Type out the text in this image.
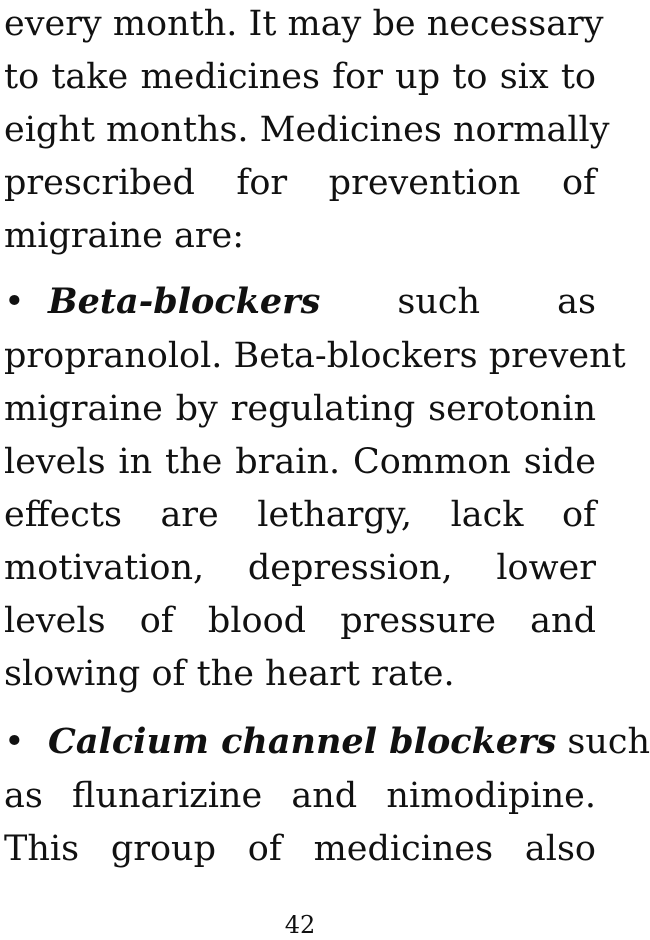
every month. It may be necessary
to take medicines for up to six to
eight months. Medicines normally
prescribed for prevention of
migraine are:
• Beta-blockers such as
propranolol. Beta-blockers prevent
migraine by regulating serotonin
levels in the brain. Common side
effects are lethargy, lack of
motivation, depression, lower
levels of blood pressure and
slowing of the heart rate.
• Calcium channel blockers such
as flunarizine and nimodipine.
This group of medicines also
42
